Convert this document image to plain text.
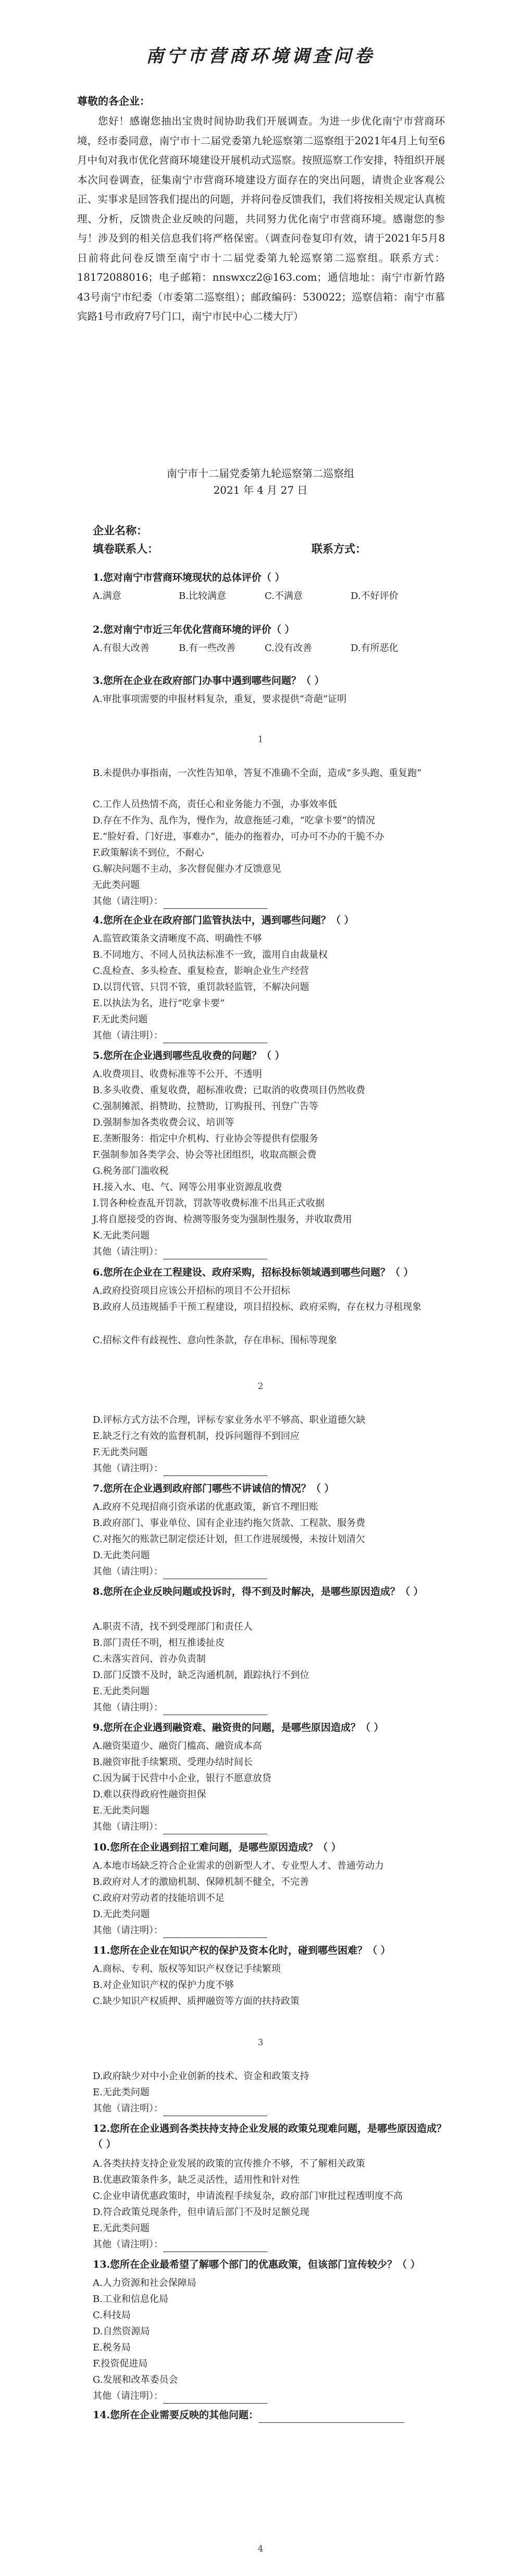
南宁市营商环境调查问卷
尊敬的各企业：
您好！感谢您抽出宝贵时间协助我们开展调查。为进一步优化南宁市营商环境，经市委同意，南宁市十二届党委第九轮巡察第二巡察组于2021年4月上旬至6月中旬对我市优化营商环境建设开展机动式巡察。按照巡察工作安排，特组织开展本次问卷调查，征集南宁市营商环境建设方面存在的突出问题，请贵企业客观公正、实事求是回答我们提出的问题，并将问卷反馈我们，我们将按相关规定认真梳理、分析，反馈贵企业反映的问题，共同努力优化南宁市营商环境。感谢您的参与！涉及到的相关信息我们将严格保密。（调查问卷复印有效，请于2021年5月8日前将此问卷反馈至南宁市十二届党委第九轮巡察第二巡察组。联系方式：18172088016；电子邮箱：nnswxcz2@163.com；通信地址：南宁市新竹路43号南宁市纪委（市委第二巡察组）；邮政编码：530022；巡察信箱：南宁市慕宾路1号市政府7号门口，南宁市民中心二楼大厅）
南宁市十二届党委第九轮巡察第二巡察组
2021 年 4 月 27 日
企业名称：
填卷联系人：	联系方式：
1.您对南宁市营商环境现状的总体评价（ ）
A.满意	B.比较满意	C.不满意	D.不好评价
2.您对南宁市近三年优化营商环境的评价（ ）
A.有很大改善	B.有一些改善	C.没有改善	D.有所恶化
3.您所在企业在政府部门办事中遇到哪些问题？（ ）
A.审批事项需要的申报材料复杂，重复，要求提供“奇葩”证明
1
B.未提供办事指南，一次性告知单，答复不准确不全面，造成“多头跑、重复跑”
C.工作人员热情不高，责任心和业务能力不强，办事效率低
D.存在不作为、乱作为，慢作为，故意拖延刁难，“吃拿卡要”的情况
E.“脸好看、门好进，事难办”，能办的拖着办，可办可不办的干脆不办
F.政策解读不到位，不耐心
G.解决问题不主动，多次督促催办才反馈意见
无此类问题
其他（请注明）：
4.您所在企业在政府部门监管执法中，遇到哪些问题？（ ）
A.监管政策条文清晰度不高、明确性不够
B.不同地方、不同人员执法标准不一致，滥用自由裁量权
C.乱检查、多头检查、重复检查，影响企业生产经营
D.以罚代管、只罚不管，重罚款轻监管，不解决问题
E.以执法为名，进行“吃拿卡要”
F.无此类问题
其他（请注明）：
5.您所在企业遇到哪些乱收费的问题？（ ）
A.收费项目、收费标准等不公开、不透明
B.多头收费、重复收费，超标准收费；已取消的收费项目仍然收费
C.强制摊派、捐赞助、拉赞助，订购报刊、刊登广告等
D.强制参加各类收费会议、培训等
E.垄断服务：指定中介机构、行业协会等提供有偿服务
F.强制参加各类学会、协会等社团组织，收取高额会费
G.税务部门滥收税
H.接入水、电、气、网等公用事业资源乱收费
I.罚各种检查乱开罚款，罚款等收费标准不出具正式收据
J.将自愿接受的咨询、检测等服务变为强制性服务，并收取费用
K.无此类问题
其他（请注明）：
6.您所在企业在工程建设、政府采购，招标投标领域遇到哪些问题？（ ）
A.政府投资项目应该公开招标的项目不公开招标
B.政府人员违规插手干预工程建设，项目招投标、政府采购，存在权力寻租现象
C.招标文件有歧视性、意向性条款，存在串标、围标等现象
2
D.评标方式方法不合理，评标专家业务水平不够高、职业道德欠缺
E.缺乏行之有效的监督机制，投诉问题得不到回应
F.无此类问题
其他（请注明）：
7.您所在企业遇到政府部门哪些不讲诚信的情况？（ ）
A.政府不兑现招商引资承诺的优惠政策，新官不理旧账
B.政府部门、事业单位、国有企业违约拖欠货款、工程款、服务费
C.对拖欠的账款已制定偿还计划，但工作进展缓慢，未按计划清欠
D.无此类问题
其他（请注明）：
8.您所在企业反映问题或投诉时，得不到及时解决，是哪些原因造成？（ ）
A.职责不清，找不到受理部门和责任人
B.部门责任不明，相互推诿扯皮
C.未落实首问、首办负责制
D.部门反馈不及时，缺乏沟通机制，跟踪执行不到位
E.无此类问题
其他（请注明）：
9.您所在企业遇到融资难、融资贵的问题，是哪些原因造成？（ ）
A.融资渠道少、融资门槛高、融资成本高
B.融资审批手续繁琐、受理办结时间长
C.因为属于民营中小企业，银行不愿意放贷
D.难以获得政府性融资担保
E.无此类问题
其他（请注明）：
10.您所在企业遇到招工难问题，是哪些原因造成？（ ）
A.本地市场缺乏符合企业需求的创新型人才、专业型人才、普通劳动力
B.政府对人才的激励机制、保障机制不健全，不完善
C.政府对劳动者的技能培训不足
D.无此类问题
其他（请注明）：
11.您所在企业在知识产权的保护及资本化时，碰到哪些困难？（ ）
A.商标、专利、版权等知识产权登记手续繁琐
B.对企业知识产权的保护力度不够
C.缺少知识产权质押、质押融资等方面的扶持政策
3
D.政府缺少对中小企业创新的技术、资金和政策支持
E.无此类问题
其他（请注明）：
12.您所在企业遇到各类扶持支持企业发展的政策兑现难问题，是哪些原因造成？（ ）
A.各类扶持支持企业发展的政策的宣传推介不够，不了解相关政策
B.优惠政策条件多，缺乏灵活性，适用性和针对性
C.企业申请优惠政策时，申请流程手续复杂，政府部门审批过程透明度不高
D.符合政策兑现条件，但申请后部门不及时足额兑现
E.无此类问题
其他（请注明）：
13.您所在企业最希望了解哪个部门的优惠政策，但该部门宣传较少？（ ）
A.人力资源和社会保障局
B.工业和信息化局
C.科技局
D.自然资源局
E.税务局
F.投资促进局
G.发展和改革委员会
其他（请注明）：
14.您所在企业需要反映的其他问题：
4
